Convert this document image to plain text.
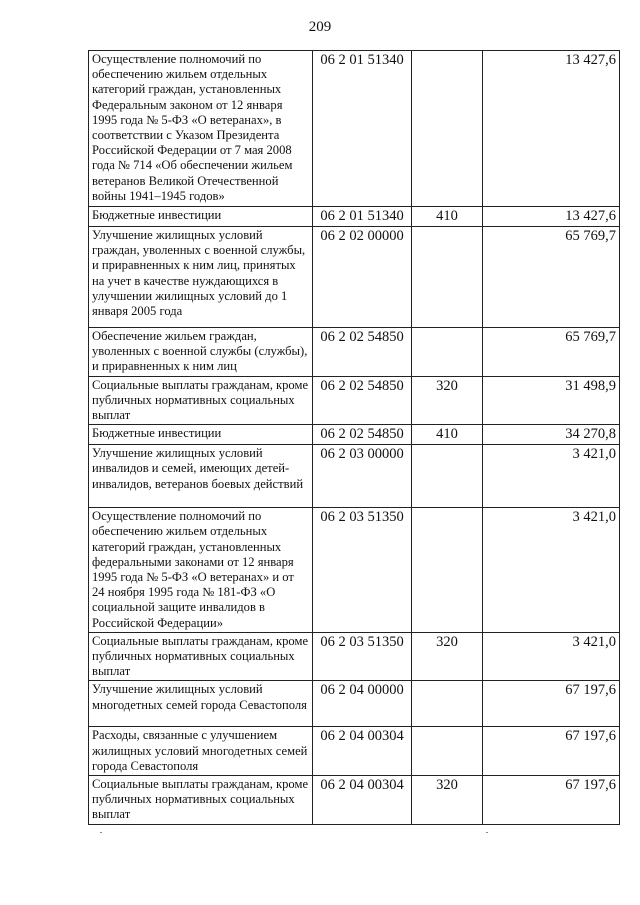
209
Осуществление полномочий по обеспечению жильем отдельных категорий граждан, установленных Федеральным законом от 12 января 1995 года № 5-ФЗ «О ветеранах», в соответствии с Указом Президента Российской Федерации от 7 мая 2008 года № 714 «Об обеспечении жильем ветеранов Великой Отечественной войны 1941–1945 годов»	06 2 01 51340		13 427,6
Бюджетные инвестиции	06 2 01 51340	410	13 427,6
Улучшение жилищных условий граждан, уволенных с военной службы, и приравненных к ним лиц, принятых на учет в качестве нуждающихся в улучшении жилищных условий до 1 января 2005 года	06 2 02 00000		65 769,7
Обеспечение жильем граждан, уволенных с военной службы (службы), и приравненных к ним лиц	06 2 02 54850		65 769,7
Социальные выплаты гражданам, кроме публичных нормативных социальных выплат	06 2 02 54850	320	31 498,9
Бюджетные инвестиции	06 2 02 54850	410	34 270,8
Улучшение жилищных условий инвалидов и семей, имеющих детей-инвалидов, ветеранов боевых действий	06 2 03 00000		3 421,0
Осуществление полномочий по обеспечению жильем отдельных категорий граждан, установленных федеральными законами от 12 января 1995 года № 5-ФЗ «О ветеранах» и от 24 ноября 1995 года № 181-ФЗ «О социальной защите инвалидов в Российской Федерации»	06 2 03 51350		3 421,0
Социальные выплаты гражданам, кроме публичных нормативных социальных выплат	06 2 03 51350	320	3 421,0
Улучшение жилищных условий многодетных семей города Севастополя	06 2 04 00000		67 197,6
Расходы, связанные с улучшением жилищных условий многодетных семей города Севастополя	06 2 04 00304		67 197,6
Социальные выплаты гражданам, кроме публичных нормативных социальных выплат	06 2 04 00304	320	67 197,6
